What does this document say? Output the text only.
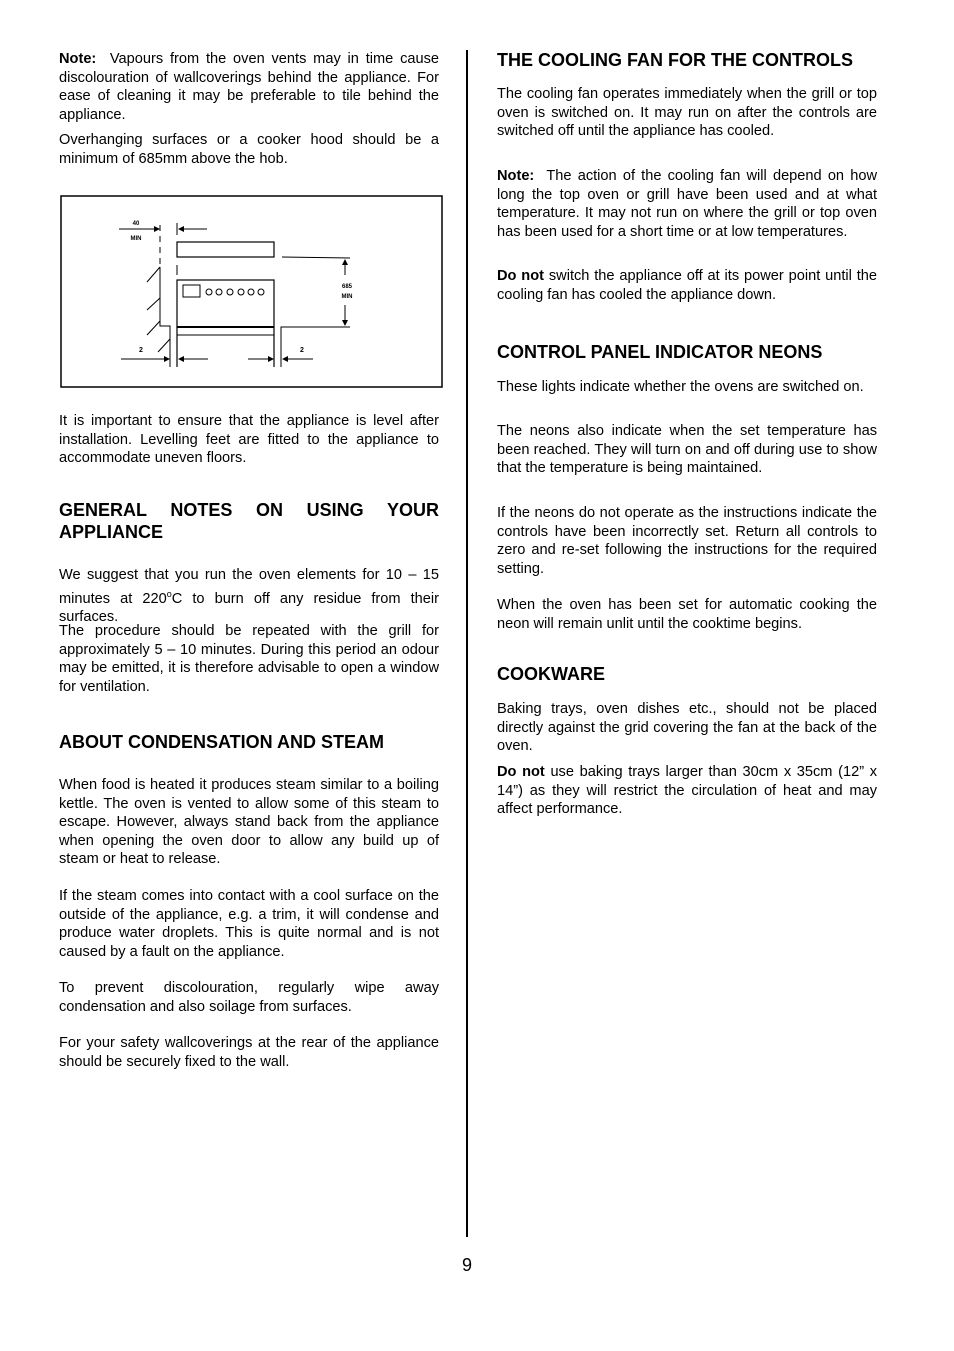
Note: Vapours from the oven vents may in time cause discolouration of wallcoverings behind the appliance. For ease of cleaning it may be preferable to tile behind the appliance.

Overhanging surfaces or a cooker hood should be a minimum of 685mm above the hob.

40
MIN
685
MIN
2	2

It is important to ensure that the appliance is level after installation. Levelling feet are fitted to the appliance to accommodate uneven floors.

GENERAL NOTES ON USING YOUR APPLIANCE

We suggest that you run the oven elements for 10 – 15 minutes at 220$^o$C to burn off any residue from their surfaces.

The procedure should be repeated with the grill for approximately 5 – 10 minutes. During this period an odour may be emitted, it is therefore advisable to open a window for ventilation.

ABOUT CONDENSATION AND STEAM

When food is heated it produces steam similar to a boiling kettle. The oven is vented to allow some of this steam to escape. However, always stand back from the appliance when opening the oven door to allow any build up of steam or heat to release.

If the steam comes into contact with a cool surface on the outside of the appliance, e.g. a trim, it will condense and produce water droplets. This is quite normal and is not caused by a fault on the appliance.

To prevent discolouration, regularly wipe away condensation and also soilage from surfaces.

For your safety wallcoverings at the rear of the appliance should be securely fixed to the wall.

THE COOLING FAN FOR THE CONTROLS

The cooling fan operates immediately when the grill or top oven is switched on. It may run on after the controls are switched off until the appliance has cooled.

Note: The action of the cooling fan will depend on how long the top oven or grill have been used and at what temperature. It may not run on where the grill or top oven has been used for a short time or at low temperatures.

Do not switch the appliance off at its power point until the cooling fan has cooled the appliance down.

CONTROL PANEL INDICATOR NEONS

These lights indicate whether the ovens are switched on.

The neons also indicate when the set temperature has been reached. They will turn on and off during use to show that the temperature is being maintained.

If the neons do not operate as the instructions indicate the controls have been incorrectly set. Return all controls to zero and re-set following the instructions for the required setting.

When the oven has been set for automatic cooking the neon will remain unlit until the cooktime begins.

COOKWARE

Baking trays, oven dishes etc., should not be placed directly against the grid covering the fan at the back of the oven.

Do not use baking trays larger than 30cm x 35cm (12” x 14”) as they will restrict the circulation of heat and may affect performance.

9
